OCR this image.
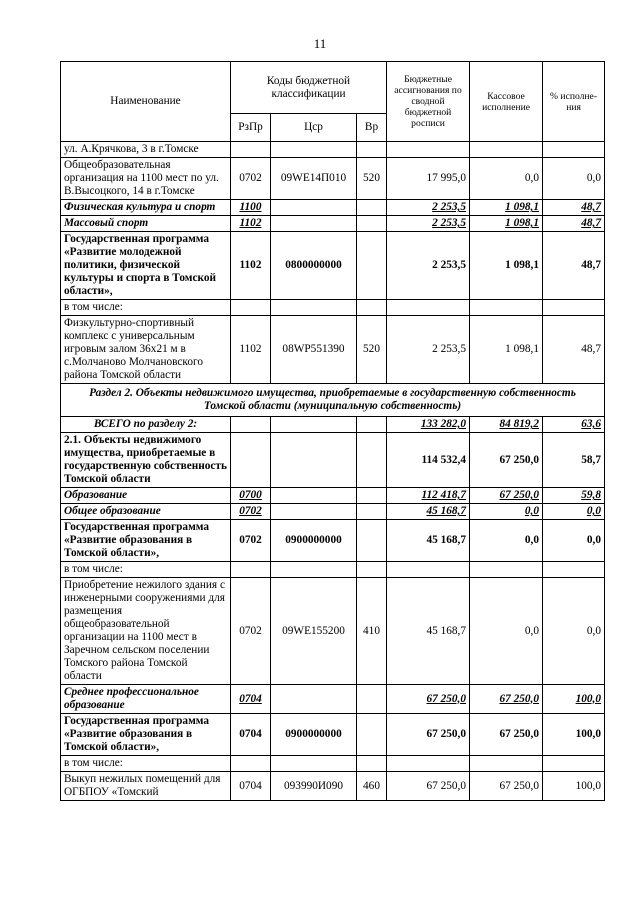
11
Наименование	Коды бюджетной классификации			Бюджетные ассигнования по сводной бюджетной росписи	Кассовое исполнение	% исполне-ния
	РзПр	Цср	Вр			
ул. А.Крячкова, 3 в г.Томске						
Общеобразовательная организация на 1100 мест по ул. В.Высоцкого, 14 в г.Томске	0702	09WE14П010	520	17 995,0	0,0	0,0
Физическая культура и спорт	1100			2 253,5	1 098,1	48,7
Массовый спорт	1102			2 253,5	1 098,1	48,7
Государственная программа «Развитие молодежной политики, физической культуры и спорта в Томской области»,	1102	0800000000		2 253,5	1 098,1	48,7
в том числе:						
Физкультурно-спортивный комплекс с универсальным игровым залом 36х21 м в с.Молчаново Молчановского района Томской области	1102	08WP551390	520	2 253,5	1 098,1	48,7
Раздел 2. Объекты недвижимого имущества, приобретаемые в государственную собственность Томской области (муниципальную собственность)						
ВСЕГО по разделу 2:				133 282,0	84 819,2	63,6
2.1. Объекты недвижимого имущества, приобретаемые в государственную собственность Томской области				114 532,4	67 250,0	58,7
Образование	0700			112 418,7	67 250,0	59,8
Общее образование	0702			45 168,7	0,0	0,0
Государственная программа «Развитие образования в Томской области»,	0702	0900000000		45 168,7	0,0	0,0
в том числе:						
Приобретение нежилого здания с инженерными сооружениями для размещения общеобразовательной организации на 1100 мест в Заречном сельском поселении Томского района Томской области	0702	09WE155200	410	45 168,7	0,0	0,0
Среднее профессиональное образование	0704			67 250,0	67 250,0	100,0
Государственная программа «Развитие образования в Томской области»,	0704	0900000000		67 250,0	67 250,0	100,0
в том числе:						
Выкуп нежилых помещений для ОГБПОУ «Томский	0704	093990И090	460	67 250,0	67 250,0	100,0
